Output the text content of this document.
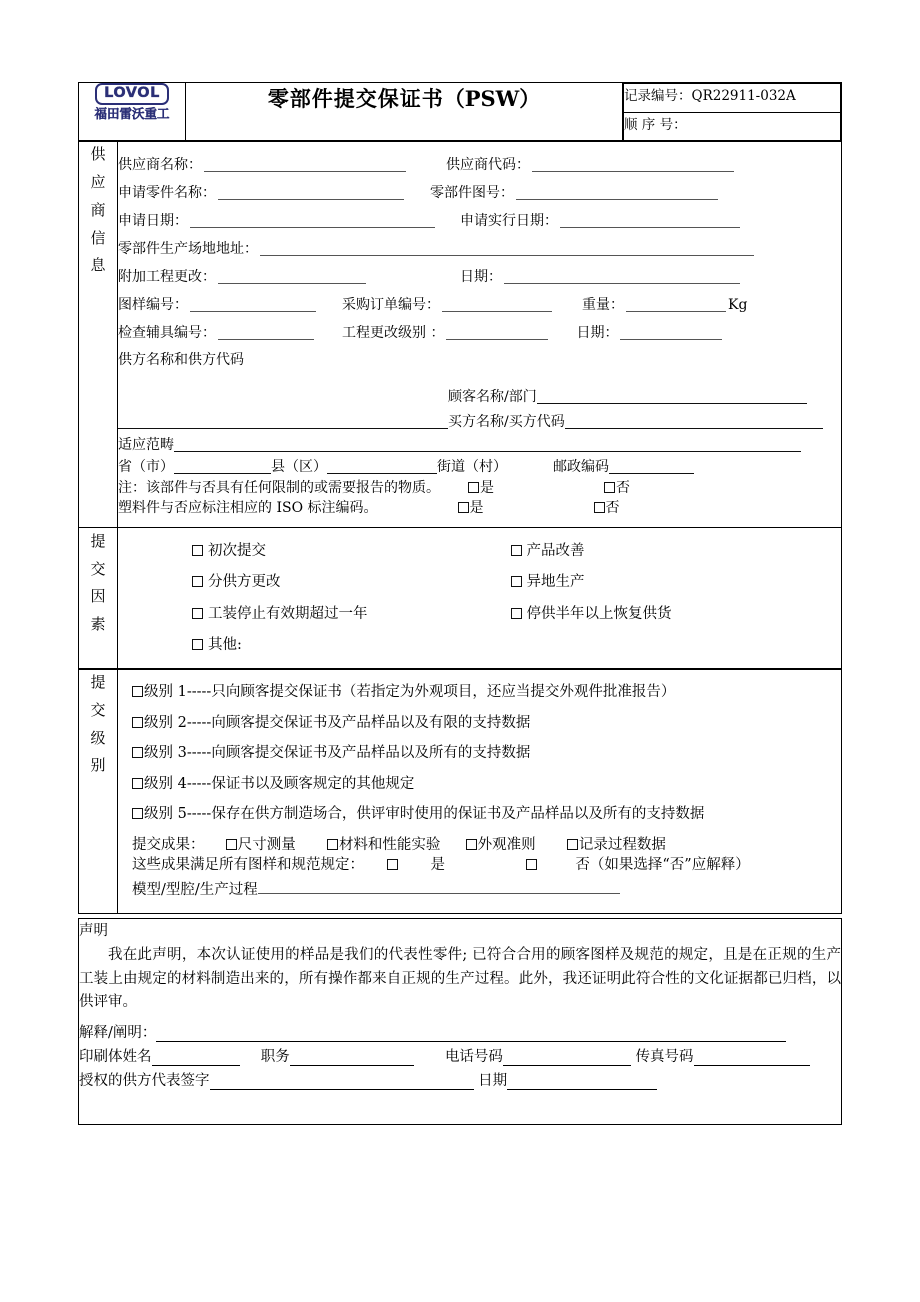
LOVOL
福田雷沃重工
	零部件提交保证书（PSW）		记录编号：QR22911-032A
顺 序 号：
供
应
商
信
息

供应商名称：	供应商代码：
申请零件名称：	零部件图号：
申请日期：	申请实行日期：
零部件生产场地地址：
附加工程更改：	日期：
图样编号：	采购订单编号：	重量：	Kg
检查辅具编号：	工程更改级别 ：	日期：
供方名称和供方代码
顾客名称/部门
买方名称/买方代码
适应范畴
省（市）	县（区）	街道（村）	邮政编码
注：该部件与否具有任何限制的或需要报告的物质。	是	否
塑料件与否应标注相应的 ISO 标注编码。	是	否
提
交
因
素

初次提交	产品改善
分供方更改	异地生产
工装停止有效期超过一年	停供半年以上恢复供货
其他:
提
交
级
别

级别 1-----只向顾客提交保证书（若指定为外观项目，还应当提交外观件批准报告）
级别 2-----向顾客提交保证书及产品样品以及有限的支持数据
级别 3-----向顾客提交保证书及产品样品以及所有的支持数据
级别 4-----保证书以及顾客规定的其他规定
级别 5-----保存在供方制造场合，供评审时使用的保证书及产品样品以及所有的支持数据
提交成果： 尺寸测量	材料和性能实验	外观准则	记录过程数据
这些成果满足所有图样和规范规定：	是	否（如果选择“否”应解释）
模型/型腔/生产过程
声明
我在此声明，本次认证使用的样品是我们的代表性零件; 已符合合用的顾客图样及规范的规定，且是在正规的生产工装上由规定的材料制造出来的，所有操作都来自正规的生产过程。此外，我还证明此符合性的文化证据都已归档，以供评审。
解释/阐明：
印刷体姓名	职务	电话号码	传真号码
授权的供方代表签字	日期
